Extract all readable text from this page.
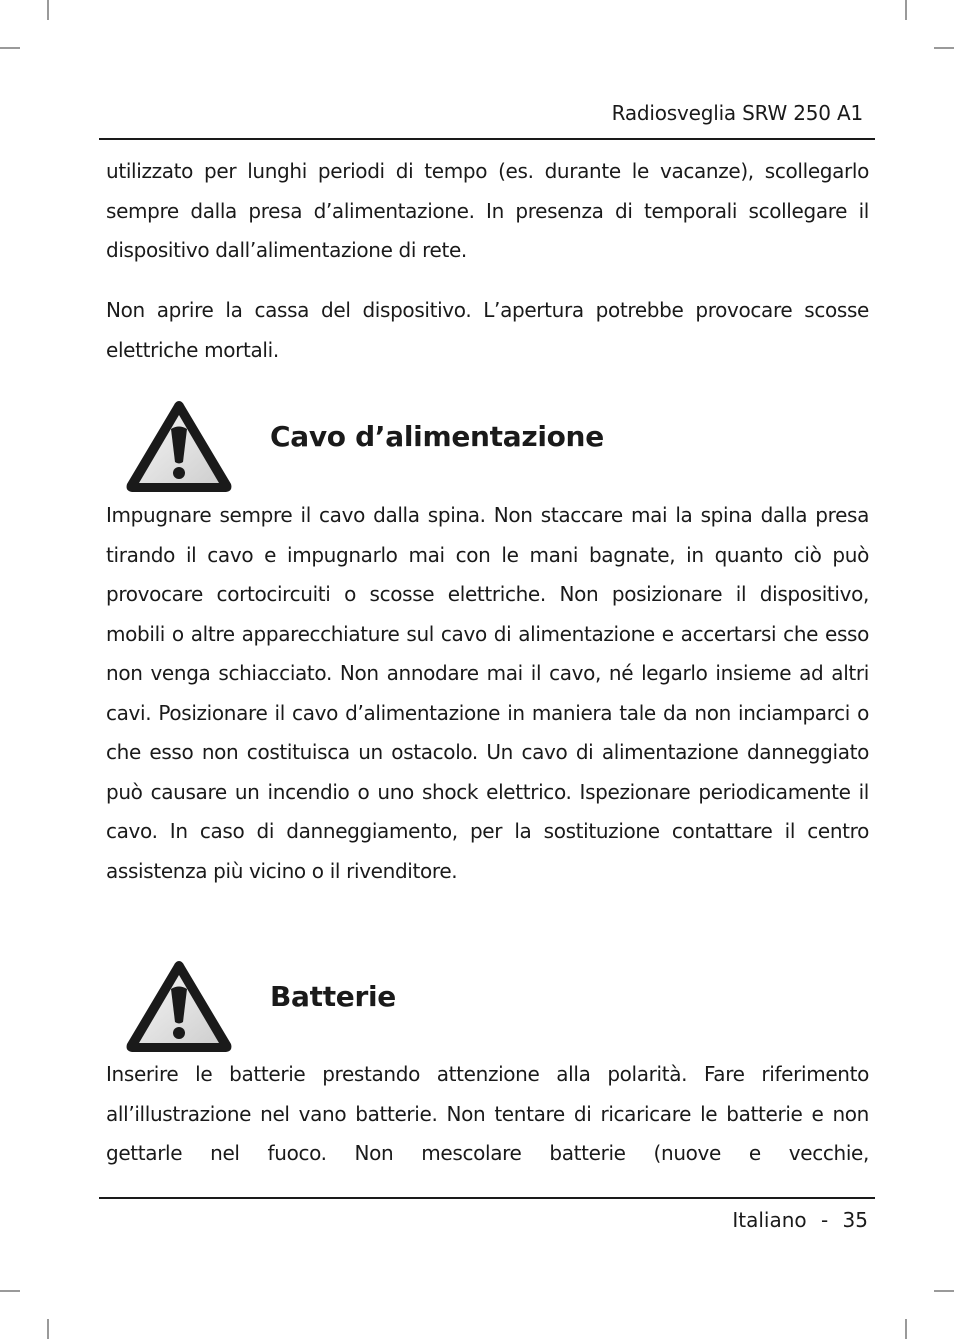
Radiosveglia SRW 250 A1

utilizzato per lunghi periodi di tempo (es. durante le vacanze), scollegarlo sempre dalla presa d’alimentazione. In presenza di temporali scollegare il dispositivo dall’alimentazione di rete.

Non aprire la cassa del dispositivo. L’apertura potrebbe provocare scosse elettriche mortali.

Cavo d’alimentazione

Impugnare sempre il cavo dalla spina. Non staccare mai la spina dalla presa tirando il cavo e impugnarlo mai con le mani bagnate, in quanto ciò può provocare cortocircuiti o scosse elettriche. Non posizionare il dispositivo, mobili o altre apparecchiature sul cavo di alimentazione e accertarsi che esso non venga schiacciato. Non annodare mai il cavo, né legarlo insieme ad altri cavi. Posizionare il cavo d’alimentazione in maniera tale da non inciamparci o che esso non costituisca un ostacolo. Un cavo di alimentazione danneggiato può causare un incendio o uno shock elettrico. Ispezionare periodicamente il cavo. In caso di danneggiamento, per la sostituzione contattare il centro assistenza più vicino o il rivenditore.

Batterie

Inserire le batterie prestando attenzione alla polarità. Fare riferimento all’illustrazione nel vano batterie. Non tentare di ricaricare le batterie e non gettarle nel fuoco. Non mescolare batterie (nuove e vecchie,

Italiano - 35
